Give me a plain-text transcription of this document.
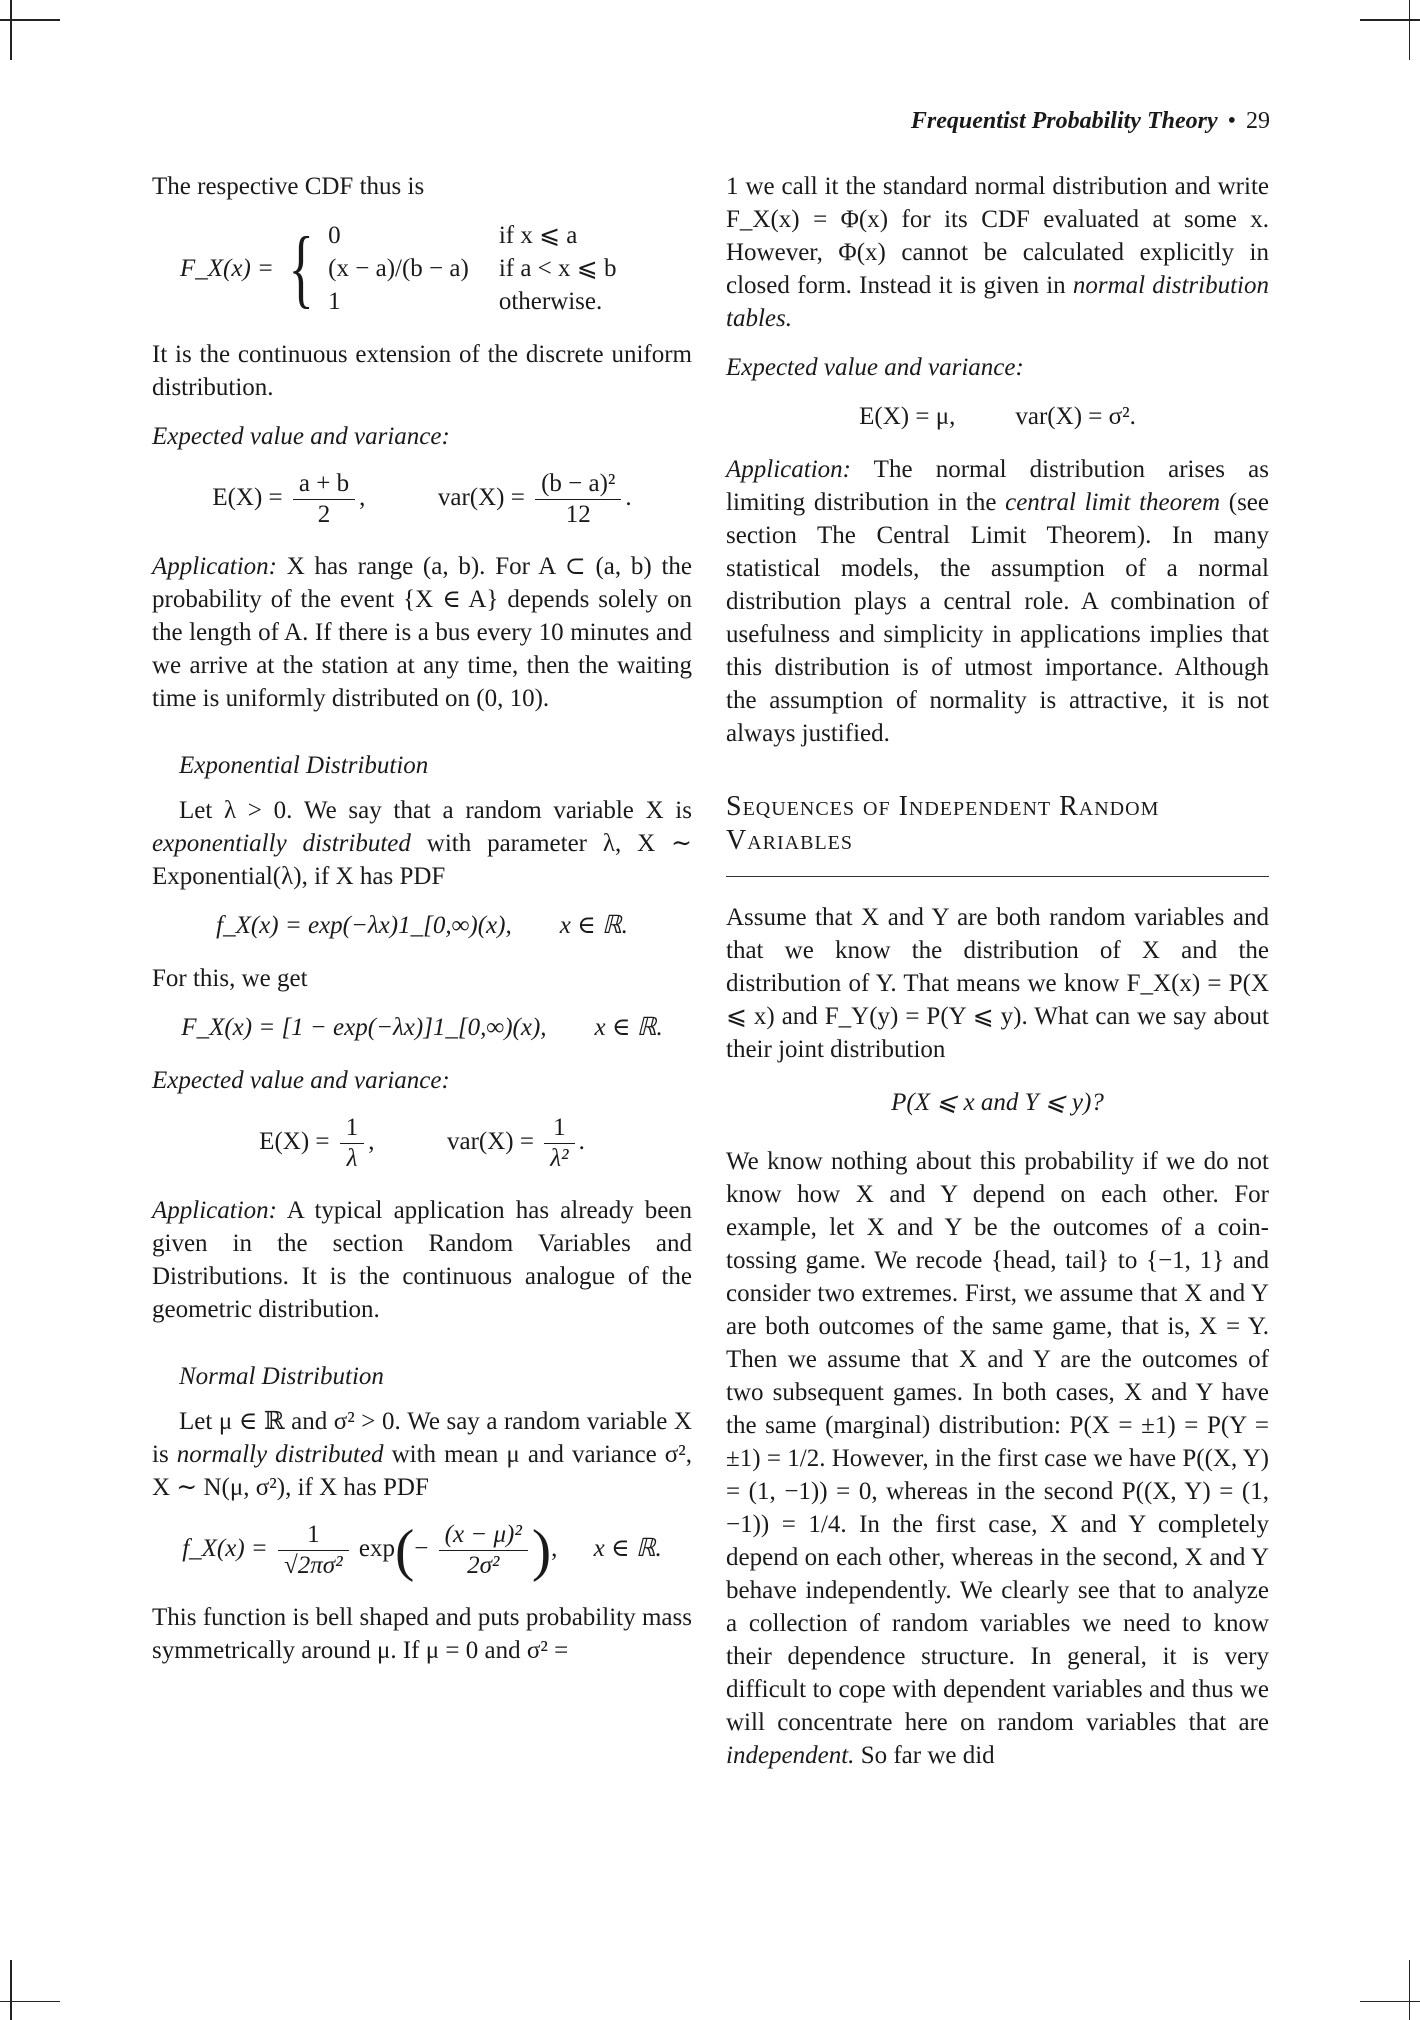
Frequentist Probability Theory • 29

The respective CDF thus is

F_X(x) = { 0	if x ⩽ a
(x − a)/(b − a)	if a < x ⩽ b
1	otherwise.

It is the continuous extension of the discrete uniform distribution.

Expected value and variance:

$E(X) = \frac{a + b}{2}$ ,	$var(X) = \frac{\text{(b − a)²}}{12}$ .

Application: X has range (a, b). For A ⊂ (a, b) the probability of the event {X ∈ A} depends solely on the length of A. If there is a bus every 10 minutes and we arrive at the station at any time, then the waiting time is uniformly distributed on (0, 10).

Exponential Distribution

Let λ > 0. We say that a random variable X is exponentially distributed with parameter λ, X ∼ Exponential(λ), if X has PDF

f_X(x) = exp(−λx)1_[0,∞)(x), x ∈ ℝ.

For this, we get

F_X(x) = [1 − exp(−λx)]1_[0,∞)(x), x ∈ ℝ.

Expected value and variance:

$E(X) = \frac{1}{\lambda}$ ,	$var(X) = \frac{1}{\text{λ²}}$ .

Application: A typical application has already been given in the section Random Variables and Distributions. It is the continuous analogue of the geometric distribution.

Normal Distribution

Let μ ∈ ℝ and σ² > 0. We say a random variable X is normally distributed with mean μ and variance σ², X ∼ N(μ, σ²), if X has PDF

f_X(x) = $\frac{1}{\text{√2πσ²}} \exp(- \frac{\text{(x − μ)²}}{\text{2σ²}}$ ), x ∈ ℝ.

This function is bell shaped and puts probability mass symmetrically around μ. If μ = 0 and σ² =

1 we call it the standard normal distribution and write F_X(x) = Φ(x) for its CDF evaluated at some x. However, Φ(x) cannot be calculated explicitly in closed form. Instead it is given in normal distribution tables.

Expected value and variance:

E(X) = μ, var(X) = σ².

Application: The normal distribution arises as limiting distribution in the central limit theorem (see section The Central Limit Theorem). In many statistical models, the assumption of a normal distribution plays a central role. A combination of usefulness and simplicity in applications implies that this distribution is of utmost importance. Although the assumption of normality is attractive, it is not always justified.

Sequences of Independent Random Variables

Assume that X and Y are both random variables and that we know the distribution of X and the distribution of Y. That means we know F_X(x) = P(X ⩽ x) and F_Y(y) = P(Y ⩽ y). What can we say about their joint distribution

P(X ⩽ x and Y ⩽ y)?

We know nothing about this probability if we do not know how X and Y depend on each other. For example, let X and Y be the outcomes of a coin-tossing game. We recode {head, tail} to {−1, 1} and consider two extremes. First, we assume that X and Y are both outcomes of the same game, that is, X = Y. Then we assume that X and Y are the outcomes of two subsequent games. In both cases, X and Y have the same (marginal) distribution: P(X = ±1) = P(Y = ±1) = 1/2. However, in the first case we have P((X, Y) = (1, −1)) = 0, whereas in the second P((X, Y) = (1, −1)) = 1/4. In the first case, X and Y completely depend on each other, whereas in the second, X and Y behave independently. We clearly see that to analyze a collection of random variables we need to know their dependence structure. In general, it is very difficult to cope with dependent variables and thus we will concentrate here on random variables that are independent. So far we did
